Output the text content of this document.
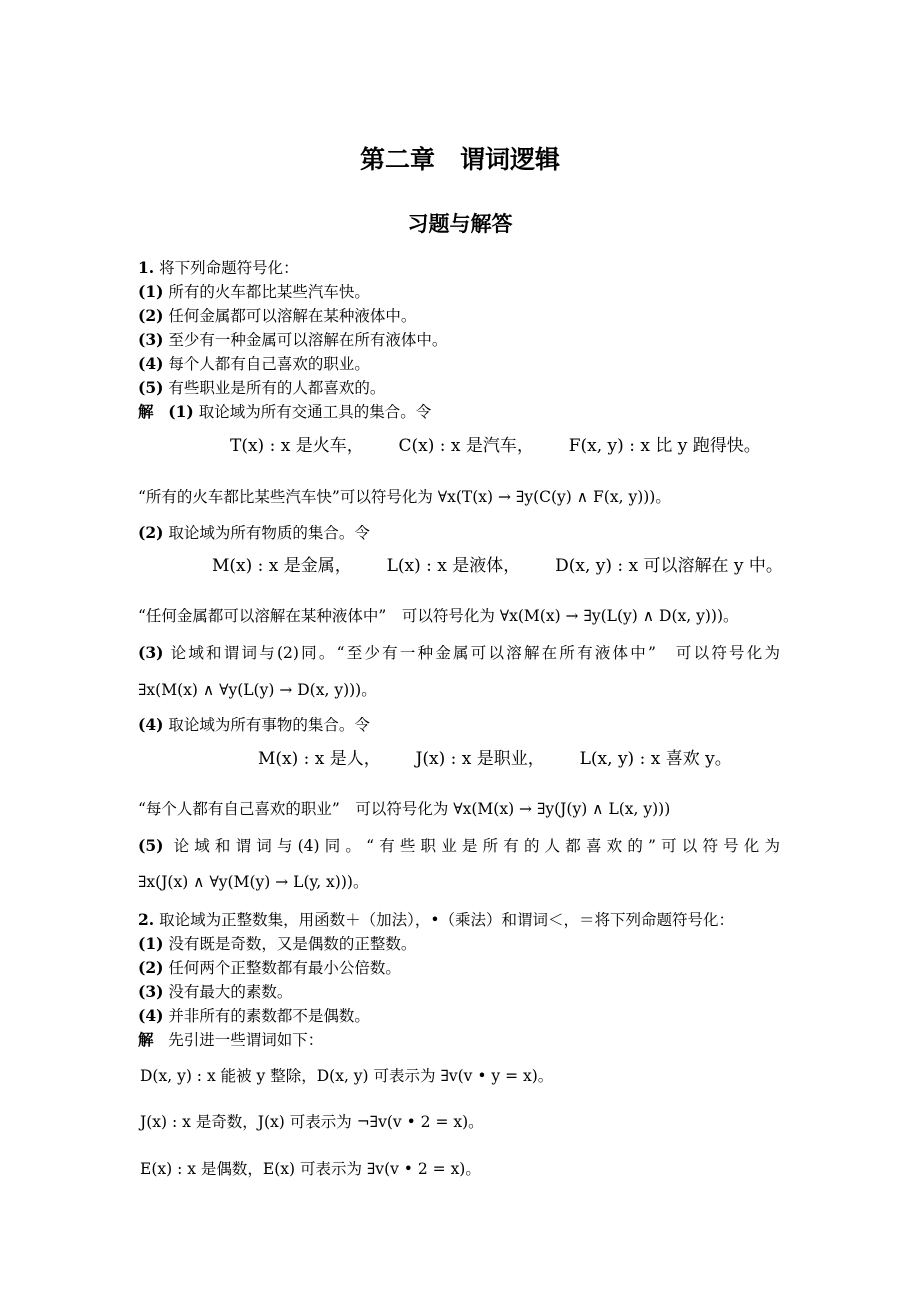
第二章　谓词逻辑
习题与解答
1. 将下列命题符号化：
(1) 所有的火车都比某些汽车快。
(2) 任何金属都可以溶解在某种液体中。
(3) 至少有一种金属可以溶解在所有液体中。
(4) 每个人都有自己喜欢的职业。
(5) 有些职业是所有的人都喜欢的。
解 (1) 取论域为所有交通工具的集合。令
T(x) : x 是火车， C(x) : x 是汽车， F(x, y) : x 比 y 跑得快。
“所有的火车都比某些汽车快”可以符号化为 ∀x(T(x) → ∃y(C(y) ∧ F(x, y)))。
(2) 取论域为所有物质的集合。令
M(x) : x 是金属， L(x) : x 是液体， D(x, y) : x 可以溶解在 y 中。
“任何金属都可以溶解在某种液体中”　可以符号化为 ∀x(M(x) → ∃y(L(y) ∧ D(x, y)))。
(3) 论域和谓词与(2)同。“至少有一种金属可以溶解在所有液体中”　可以符号化为
∃x(M(x) ∧ ∀y(L(y) → D(x, y)))。
(4) 取论域为所有事物的集合。令
M(x) : x 是人， J(x) : x 是职业， L(x, y) : x 喜欢 y。
“每个人都有自己喜欢的职业”　可以符号化为 ∀x(M(x) → ∃y(J(y) ∧ L(x, y)))
(5) 论域和谓词与(4)同。“有些职业是所有的人都喜欢的”可以符号化为
∃x(J(x) ∧ ∀y(M(y) → L(y, x)))。
2. 取论域为正整数集，用函数＋（加法），•（乘法）和谓词＜，＝将下列命题符号化：
(1) 没有既是奇数，又是偶数的正整数。
(2) 任何两个正整数都有最小公倍数。
(3) 没有最大的素数。
(4) 并非所有的素数都不是偶数。
解 先引进一些谓词如下：
D(x, y) : x 能被 y 整除，D(x, y) 可表示为 ∃v(v • y = x)。
J(x) : x 是奇数，J(x) 可表示为 ¬∃v(v • 2 = x)。
E(x) : x 是偶数，E(x) 可表示为 ∃v(v • 2 = x)。
